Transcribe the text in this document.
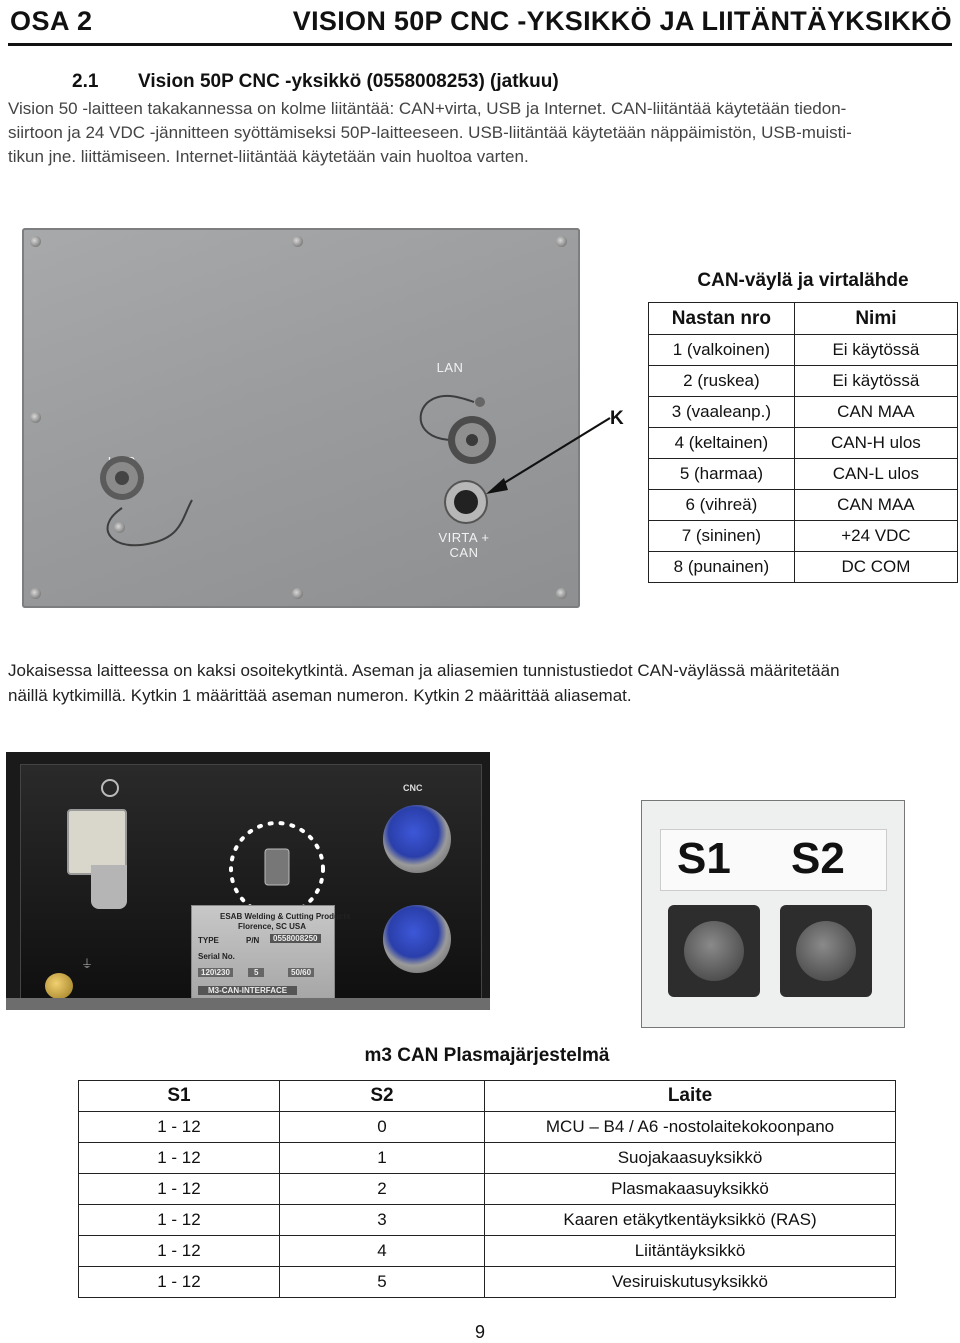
OSA 2	VISION 50P CNC -YKSIKKÖ JA LIITÄNTÄYKSIKKÖ
2.1 Vision 50P CNC -yksikkö (0558008253) (jatkuu)
Vision 50 -laitteen takakannessa on kolme liitäntää: CAN+virta, USB ja Internet. CAN-liitäntää käytetään tiedon-
siirtoon ja 24 VDC -jännitteen syöttämiseksi 50P-laitteeseen. USB-liitäntää käytetään näppäimistön, USB-muisti-
tikun jne. liittämiseen. Internet-liitäntää käytetään vain huoltoa varten.
LAN
VIRTA +
CAN
K
CAN-väylä ja virtalähde
Nastan nro	Nimi
1 (valkoinen)	Ei käytössä
2 (ruskea)	Ei käytössä
3 (vaaleanp.)	CAN MAA
4 (keltainen)	CAN-H ulos
5 (harmaa)	CAN-L ulos
6 (vihreä)	CAN MAA
7 (sininen)	+24 VDC
8 (punainen)	DC COM
Jokaisessa laitteessa on kaksi osoitekytkintä. Aseman ja aliasemien tunnistustiedot CAN-väylässä määritetään
näillä kytkimillä. Kytkin 1 määrittää aseman numeron. Kytkin 2 määrittää aliasemat.
CNC
⏚
ESAB Welding & Cutting Products
Florence, SC USA
TYPE	P/N	0558008250
Serial No.
120\230	5	50/60
M3-CAN-INTERFACE
S1 S2
m3 CAN Plasmajärjestelmä
S1	S2	Laite
1 - 12	0	MCU – B4 / A6 -nostolaitekokoonpano
1 - 12	1	Suojakaasuyksikkö
1 - 12	2	Plasmakaasuyksikkö
1 - 12	3	Kaaren etäkytkentäyksikkö (RAS)
1 - 12	4	Liitäntäyksikkö
1 - 12	5	Vesiruiskutusyksikkö
9
